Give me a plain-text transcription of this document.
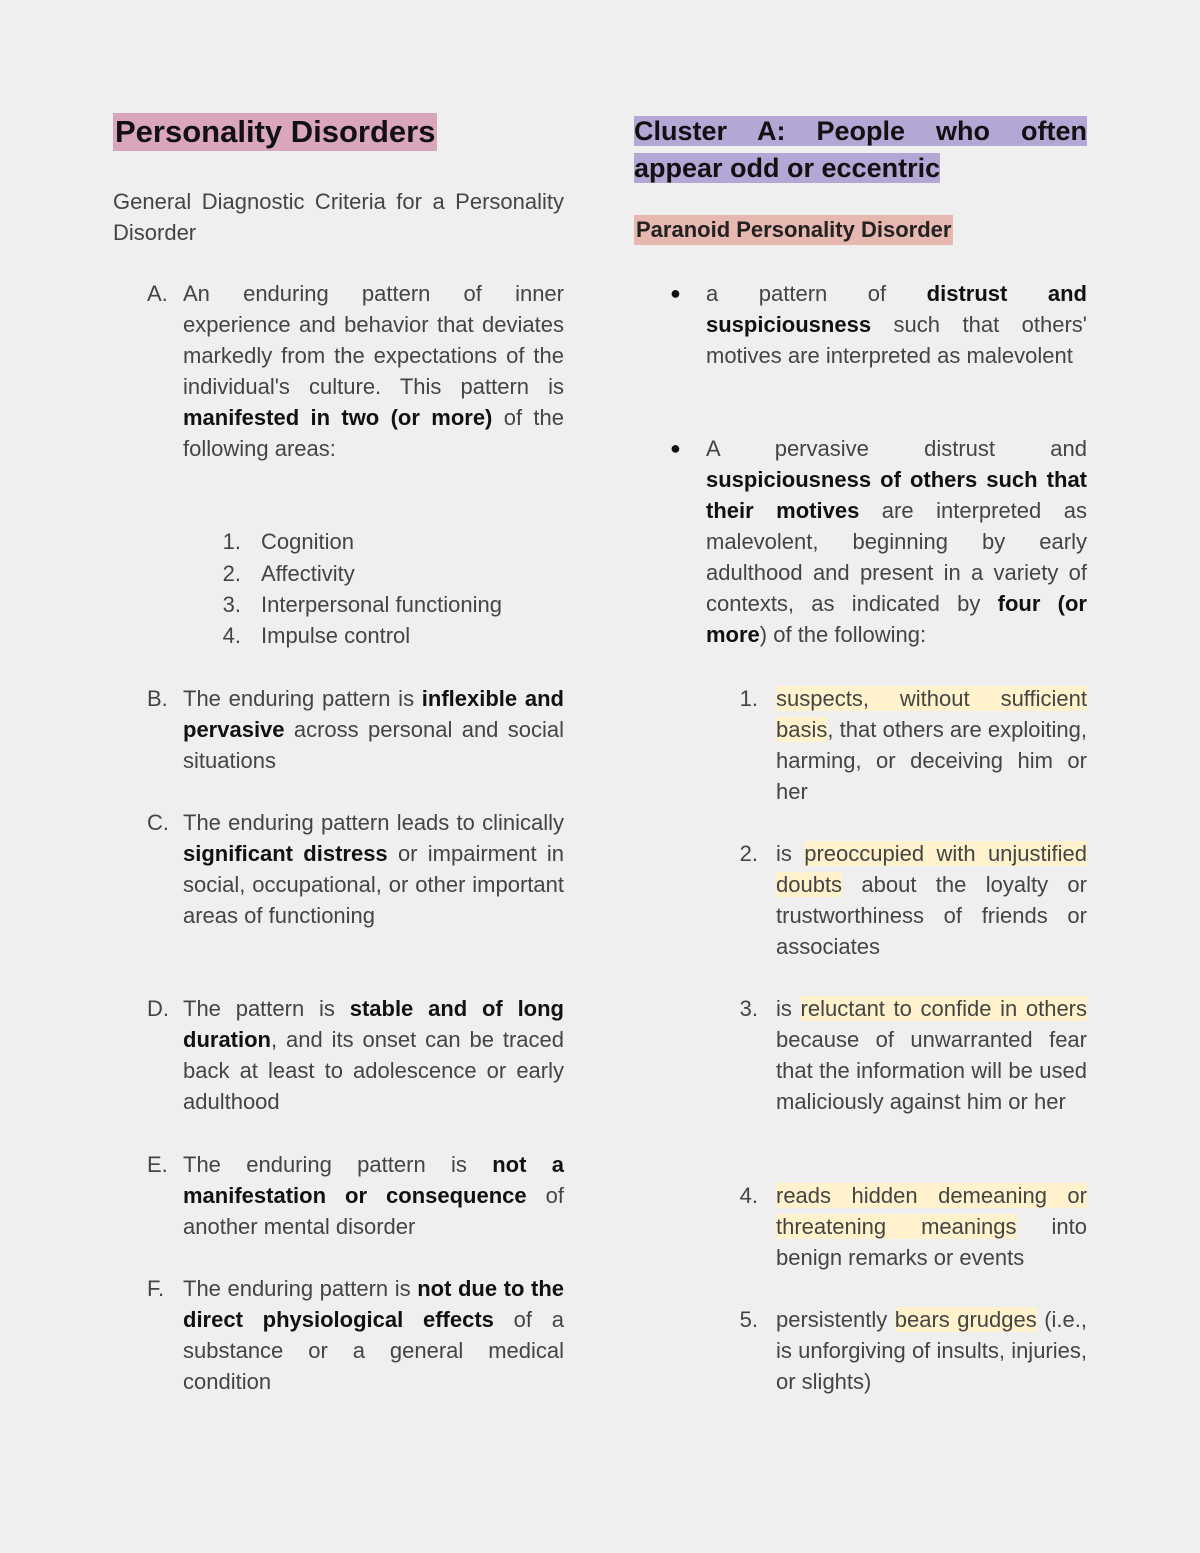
Personality Disorders
General Diagnostic Criteria for a Personality Disorder
A. An enduring pattern of inner experience and behavior that deviates markedly from the expectations of the individual's culture. This pattern is manifested in two (or more) of the following areas:
1. Cognition
2. Affectivity
3. Interpersonal functioning
4. Impulse control
B. The enduring pattern is inflexible and pervasive across personal and social situations
C. The enduring pattern leads to clinically significant distress or impairment in social, occupational, or other important areas of functioning
D. The pattern is stable and of long duration, and its onset can be traced back at least to adolescence or early adulthood
E. The enduring pattern is not a manifestation or consequence of another mental disorder
F. The enduring pattern is not due to the direct physiological effects of a substance or a general medical condition
Cluster A: People who often appear odd or eccentric
Paranoid Personality Disorder
● a pattern of distrust and suspiciousness such that others' motives are interpreted as malevolent
● A pervasive distrust and suspiciousness of others such that their motives are interpreted as malevolent, beginning by early adulthood and present in a variety of contexts, as indicated by four (or more) of the following:
1. suspects, without sufficient basis, that others are exploiting, harming, or deceiving him or her
2. is preoccupied with unjustified doubts about the loyalty or trustworthiness of friends or associates
3. is reluctant to confide in others because of unwarranted fear that the information will be used maliciously against him or her
4. reads hidden demeaning or threatening meanings into benign remarks or events
5. persistently bears grudges (i.e., is unforgiving of insults, injuries, or slights)
